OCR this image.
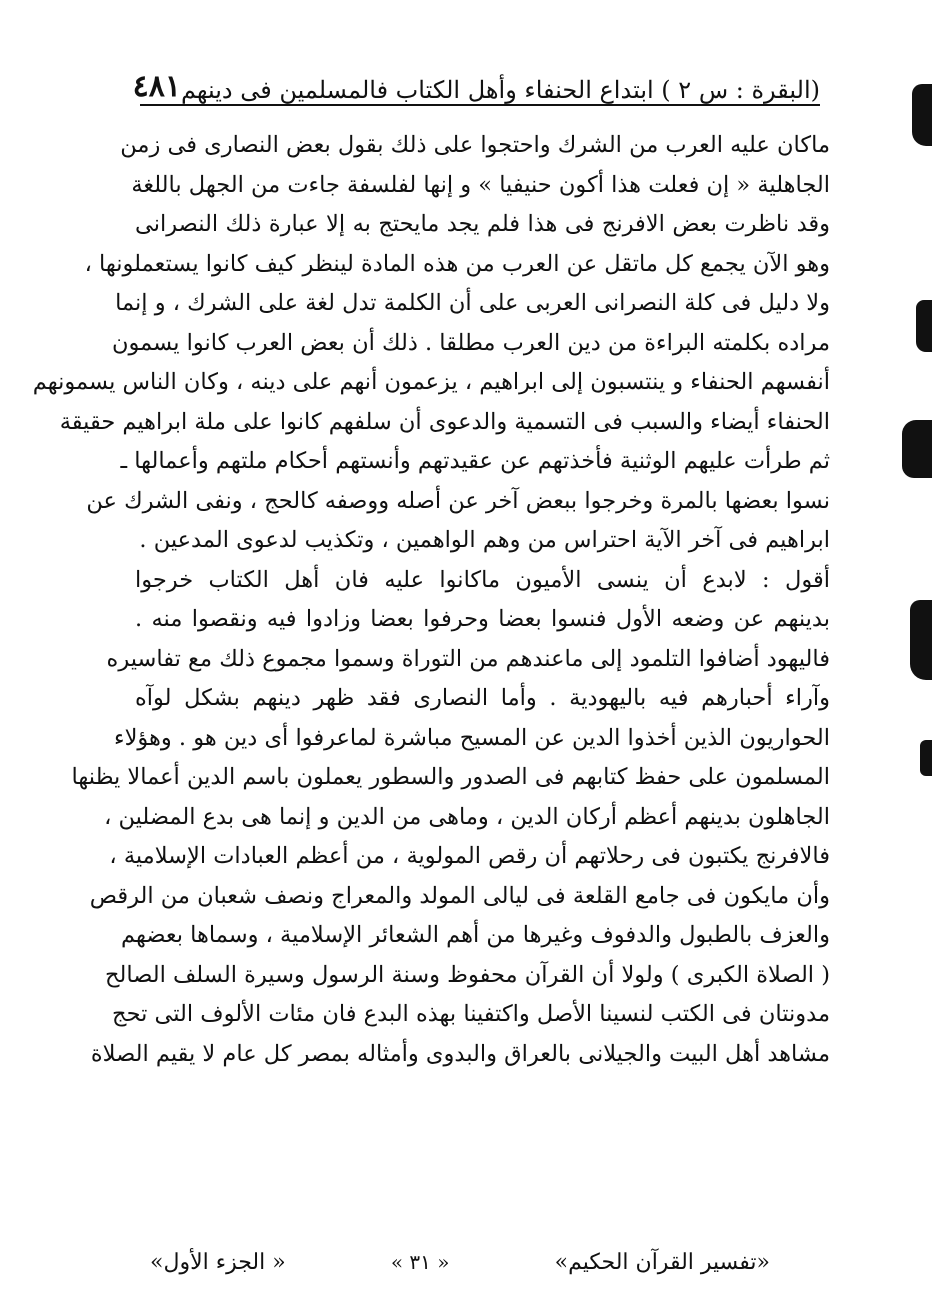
(البقرة : س ٢ ) ابتداع الحنفاء وأهل الكتاب فالمسلمين فى دينهم
٤٨١
ماكان عليه العرب من الشرك واحتجوا على ذلك بقول بعض النصارى فى زمن
الجاهلية « إن فعلت هذا أكون حنيفيا » و إنها لفلسفة جاءت من الجهل باللغة
وقد ناظرت بعض الافرنج فى هذا فلم يجد مايحتج به إلا عبارة ذلك النصرانى
وهو الآن يجمع كل ماتقل عن العرب من هذه المادة لينظر كيف كانوا يستعملونها ،
ولا دليل فى كلة النصرانى العربى على أن الكلمة تدل لغة على الشرك ، و إنما
مراده بكلمته البراءة من دين العرب مطلقا . ذلك أن بعض العرب كانوا يسمون
أنفسهم الحنفاء و ينتسبون إلى ابراهيم ، يزعمون أنهم على دينه ، وكان الناس يسمونهم
الحنفاء أيضاء والسبب فى التسمية والدعوى أن سلفهم كانوا على ملة ابراهيم حقيقة
ثم طرأت عليهم الوثنية فأخذتهم عن عقيدتهم وأنستهم أحكام ملتهم وأعمالها ـ
نسوا بعضها بالمرة وخرجوا ببعض آخر عن أصله ووصفه كالحج ، ونفى الشرك عن
ابراهيم فى آخر الآية احتراس من وهم الواهمين ، وتكذيب لدعوى المدعين .
أقول : لابدع أن ينسى الأميون ماكانوا عليه فان أهل الكتاب خرجوا
بدينهم عن وضعه الأول فنسوا بعضا وحرفوا بعضا وزادوا فيه ونقصوا منه .
فاليهود أضافوا التلمود إلى ماعندهم من التوراة وسموا مجموع ذلك مع تفاسيره
وآراء أحبارهم فيه باليهودية . وأما النصارى فقد ظهر دينهم بشكل لوآه
الحواريون الذين أخذوا الدين عن المسيح مباشرة لماعرفوا أى دين هو . وهؤلاء
المسلمون على حفظ كتابهم فى الصدور والسطور يعملون باسم الدين أعمالا يظنها
الجاهلون بدينهم أعظم أركان الدين ، وماهى من الدين و إنما هى بدع المضلين ،
فالافرنج يكتبون فى رحلاتهم أن رقص المولوية ، من أعظم العبادات الإسلامية ،
وأن مايكون فى جامع القلعة فى ليالى المولد والمعراج ونصف شعبان من الرقص
والعزف بالطبول والدفوف وغيرها من أهم الشعائر الإسلامية ، وسماها بعضهم
( الصلاة الكبرى ) ولولا أن القرآن محفوظ وسنة الرسول وسيرة السلف الصالح
مدونتان فى الكتب لنسينا الأصل واكتفينا بهذه البدع فان مئات الألوف التى تحج
مشاهد أهل البيت والجيلانى بالعراق والبدوى وأمثاله بمصر كل عام لا يقيم الصلاة
«تفسير القرآن الحكيم»
« ٣١ »
« الجزء الأول»
